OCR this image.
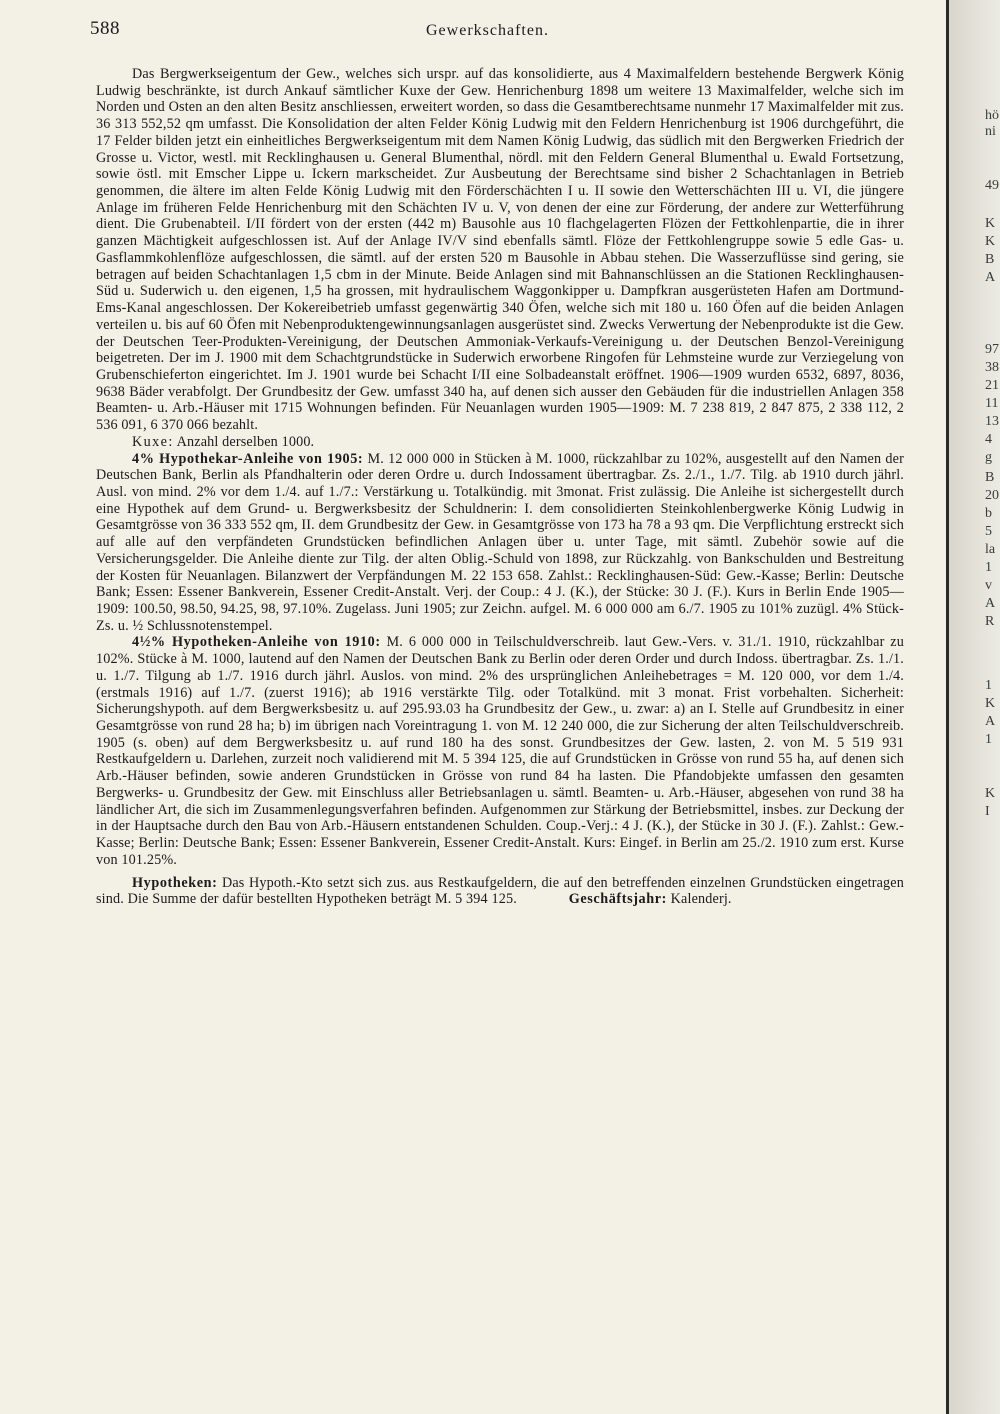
588	Gewerkschaften.

Das Bergwerkseigentum der Gew., welches sich urspr. auf das konsolidierte, aus 4 Maximalfeldern bestehende Bergwerk König Ludwig beschränkte, ist durch Ankauf sämtlicher Kuxe der Gew. Henrichenburg 1898 um weitere 13 Maximalfelder, welche sich im Norden und Osten an den alten Besitz anschliessen, erweitert worden, so dass die Gesamtberechtsame nunmehr 17 Maximalfelder mit zus. 36 313 552,52 qm umfasst. Die Konsolidation der alten Felder König Ludwig mit den Feldern Henrichenburg ist 1906 durchgeführt, die 17 Felder bilden jetzt ein einheitliches Bergwerkseigentum mit dem Namen König Ludwig, das südlich mit den Bergwerken Friedrich der Grosse u. Victor, westl. mit Recklinghausen u. General Blumenthal, nördl. mit den Feldern General Blumenthal u. Ewald Fortsetzung, sowie östl. mit Emscher Lippe u. Ickern markscheidet. Zur Ausbeutung der Berechtsame sind bisher 2 Schachtanlagen in Betrieb genommen, die ältere im alten Felde König Ludwig mit den Förderschächten I u. II sowie den Wetterschächten III u. VI, die jüngere Anlage im früheren Felde Henrichenburg mit den Schächten IV u. V, von denen der eine zur Förderung, der andere zur Wetterführung dient. Die Grubenabteil. I/II fördert von der ersten (442 m) Bausohle aus 10 flachgelagerten Flözen der Fettkohlenpartie, die in ihrer ganzen Mächtigkeit aufgeschlossen ist. Auf der Anlage IV/V sind ebenfalls sämtl. Flöze der Fettkohlengruppe sowie 5 edle Gas- u. Gasflammkohlenflöze aufgeschlossen, die sämtl. auf der ersten 520 m Bausohle in Abbau stehen. Die Wasserzuflüsse sind gering, sie betragen auf beiden Schachtanlagen 1,5 cbm in der Minute. Beide Anlagen sind mit Bahnanschlüssen an die Stationen Recklinghausen-Süd u. Suderwich u. den eigenen, 1,5 ha grossen, mit hydraulischem Waggonkipper u. Dampfkran ausgerüsteten Hafen am Dortmund-Ems-Kanal angeschlossen. Der Kokereibetrieb umfasst gegenwärtig 340 Öfen, welche sich mit 180 u. 160 Öfen auf die beiden Anlagen verteilen u. bis auf 60 Öfen mit Nebenproduktengewinnungsanlagen ausgerüstet sind. Zwecks Verwertung der Nebenprodukte ist die Gew. der Deutschen Teer-Produkten-Vereinigung, der Deutschen Ammoniak-Verkaufs-Vereinigung u. der Deutschen Benzol-Vereinigung beigetreten. Der im J. 1900 mit dem Schachtgrundstücke in Suderwich erworbene Ringofen für Lehmsteine wurde zur Verziegelung von Grubenschieferton eingerichtet. Im J. 1901 wurde bei Schacht I/II eine Solbadeanstalt eröffnet. 1906—1909 wurden 6532, 6897, 8036, 9638 Bäder verabfolgt. Der Grundbesitz der Gew. umfasst 340 ha, auf denen sich ausser den Gebäuden für die industriellen Anlagen 358 Beamten- u. Arb.-Häuser mit 1715 Wohnungen befinden. Für Neuanlagen wurden 1905—1909: M. 7 238 819, 2 847 875, 2 338 112, 2 536 091, 6 370 066 bezahlt.

Kuxe: Anzahl derselben 1000.

4% Hypothekar-Anleihe von 1905: M. 12 000 000 in Stücken à M. 1000, rückzahlbar zu 102%, ausgestellt auf den Namen der Deutschen Bank, Berlin als Pfandhalterin oder deren Ordre u. durch Indossament übertragbar. Zs. 2./1., 1./7. Tilg. ab 1910 durch jährl. Ausl. von mind. 2% vor dem 1./4. auf 1./7.: Verstärkung u. Totalkündig. mit 3monat. Frist zulässig. Die Anleihe ist sichergestellt durch eine Hypothek auf dem Grund- u. Bergwerksbesitz der Schuldnerin: I. dem consolidierten Steinkohlenbergwerke König Ludwig in Gesamtgrösse von 36 333 552 qm, II. dem Grundbesitz der Gew. in Gesamtgrösse von 173 ha 78 a 93 qm. Die Verpflichtung erstreckt sich auf alle auf den verpfändeten Grundstücken befindlichen Anlagen über u. unter Tage, mit sämtl. Zubehör sowie auf die Versicherungsgelder. Die Anleihe diente zur Tilg. der alten Oblig.-Schuld von 1898, zur Rückzahlg. von Bankschulden und Bestreitung der Kosten für Neuanlagen. Bilanzwert der Verpfändungen M. 22 153 658. Zahlst.: Recklinghausen-Süd: Gew.-Kasse; Berlin: Deutsche Bank; Essen: Essener Bankverein, Essener Credit-Anstalt. Verj. der Coup.: 4 J. (K.), der Stücke: 30 J. (F.). Kurs in Berlin Ende 1905—1909: 100.50, 98.50, 94.25, 98, 97.10%. Zugelass. Juni 1905; zur Zeichn. aufgel. M. 6 000 000 am 6./7. 1905 zu 101% zuzügl. 4% Stück-Zs. u. ½ Schlussnotenstempel.

4½% Hypotheken-Anleihe von 1910: M. 6 000 000 in Teilschuldverschreib. laut Gew.-Vers. v. 31./1. 1910, rückzahlbar zu 102%. Stücke à M. 1000, lautend auf den Namen der Deutschen Bank zu Berlin oder deren Order und durch Indoss. übertragbar. Zs. 1./1. u. 1./7. Tilgung ab 1./7. 1916 durch jährl. Auslos. von mind. 2% des ursprünglichen Anleihebetrages = M. 120 000, vor dem 1./4. (erstmals 1916) auf 1./7. (zuerst 1916); ab 1916 verstärkte Tilg. oder Totalkünd. mit 3 monat. Frist vorbehalten. Sicherheit: Sicherungshypoth. auf dem Bergwerksbesitz u. auf 295.93.03 ha Grundbesitz der Gew., u. zwar: a) an I. Stelle auf Grundbesitz in einer Gesamtgrösse von rund 28 ha; b) im übrigen nach Voreintragung 1. von M. 12 240 000, die zur Sicherung der alten Teilschuldverschreib. 1905 (s. oben) auf dem Bergwerksbesitz u. auf rund 180 ha des sonst. Grundbesitzes der Gew. lasten, 2. von M. 5 519 931 Restkaufgeldern u. Darlehen, zurzeit noch validierend mit M. 5 394 125, die auf Grundstücken in Grösse von rund 55 ha, auf denen sich Arb.-Häuser befinden, sowie anderen Grundstücken in Grösse von rund 84 ha lasten. Die Pfandobjekte umfassen den gesamten Bergwerks- u. Grundbesitz der Gew. mit Einschluss aller Betriebsanlagen u. sämtl. Beamten- u. Arb.-Häuser, abgesehen von rund 38 ha ländlicher Art, die sich im Zusammenlegungsverfahren befinden. Aufgenommen zur Stärkung der Betriebsmittel, insbes. zur Deckung der in der Hauptsache durch den Bau von Arb.-Häusern entstandenen Schulden. Coup.-Verj.: 4 J. (K.), der Stücke in 30 J. (F.). Zahlst.: Gew.-Kasse; Berlin: Deutsche Bank; Essen: Essener Bankverein, Essener Credit-Anstalt. Kurs: Eingef. in Berlin am 25./2. 1910 zum erst. Kurse von 101.25%.

Hypotheken: Das Hypoth.-Kto setzt sich zus. aus Restkaufgeldern, die auf den betreffenden einzelnen Grundstücken eingetragen sind. Die Summe der dafür bestellten Hypotheken beträgt M. 5 394 125.	Geschäftsjahr: Kalenderj.

hö
ni
49
K
K
B
A
97
38
21
11
13
4
g
B
20
b
5
la
1
v
A
R
1
K
A
1
K
I
